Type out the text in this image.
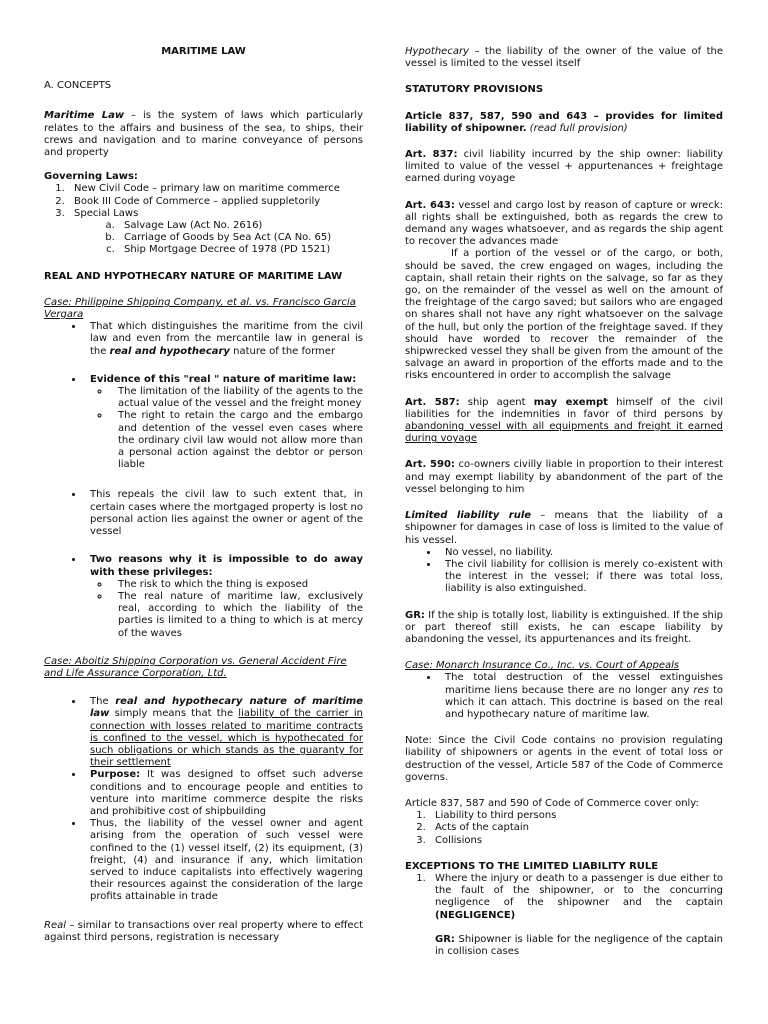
MARITIME LAW

A. CONCEPTS

Maritime Law – is the system of laws which particularly relates to the affairs and business of the sea, to ships, their crews and navigation and to marine conveyance of persons and property

Governing Laws:

1. New Civil Code – primary law on maritime commerce
2. Book III Code of Commerce – applied suppletorily
3. Special Laws
a. Salvage Law (Act No. 2616)
b. Carriage of Goods by Sea Act (CA No. 65)
c. Ship Mortgage Decree of 1978 (PD 1521)

REAL AND HYPOTHECARY NATURE OF MARITIME LAW

Case: Philippine Shipping Company, et al. vs. Francisco Garcia Vergara

• That which distinguishes the maritime from the civil law and even from the mercantile law in general is the real and hypothecary nature of the former
• Evidence of this "real " nature of maritime law:
◦ The limitation of the liability of the agents to the actual value of the vessel and the freight money
◦ The right to retain the cargo and the embargo and detention of the vessel even cases where the ordinary civil law would not allow more than a personal action against the debtor or person liable
• This repeals the civil law to such extent that, in certain cases where the mortgaged property is lost no personal action lies against the owner or agent of the vessel
• Two reasons why it is impossible to do away with these privileges:
◦ The risk to which the thing is exposed
◦ The real nature of maritime law, exclusively real, according to which the liability of the parties is limited to a thing to which is at mercy of the waves

Case: Aboitiz Shipping Corporation vs. General Accident Fire and Life Assurance Corporation, Ltd.

• The real and hypothecary nature of maritime law simply means that the liability of the carrier in connection with losses related to maritime contracts is confined to the vessel, which is hypothecated for such obligations or which stands as the guaranty for their settlement
• Purpose: It was designed to offset such adverse conditions and to encourage people and entities to venture into maritime commerce despite the risks and prohibitive cost of shipbuilding
• Thus, the liability of the vessel owner and agent arising from the operation of such vessel were confined to the (1) vessel itself, (2) its equipment, (3) freight, (4) and insurance if any, which limitation served to induce capitalists into effectively wagering their resources against the consideration of the large profits attainable in trade

Real – similar to transactions over real property where to effect against third persons, registration is necessary

Hypothecary – the liability of the owner of the value of the vessel is limited to the vessel itself

STATUTORY PROVISIONS

Article 837, 587, 590 and 643 – provides for limited liability of shipowner. (read full provision)

Art. 837: civil liability incurred by the ship owner: liability limited to value of the vessel + appurtenances + freightage earned during voyage

Art. 643: vessel and cargo lost by reason of capture or wreck: all rights shall be extinguished, both as regards the crew to demand any wages whatsoever, and as regards the ship agent to recover the advances made

If a portion of the vessel or of the cargo, or both, should be saved, the crew engaged on wages, including the captain, shall retain their rights on the salvage, so far as they go, on the remainder of the vessel as well on the amount of the freightage of the cargo saved; but sailors who are engaged on shares shall not have any right whatsoever on the salvage of the hull, but only the portion of the freightage saved. If they should have worded to recover the remainder of the shipwrecked vessel they shall be given from the amount of the salvage an award in proportion of the efforts made and to the risks encountered in order to accomplish the salvage

Art. 587: ship agent may exempt himself of the civil liabilities for the indemnities in favor of third persons by abandoning vessel with all equipments and freight it earned during voyage

Art. 590: co-owners civilly liable in proportion to their interest and may exempt liability by abandonment of the part of the vessel belonging to him

Limited liability rule – means that the liability of a shipowner for damages in case of loss is limited to the value of his vessel.

• No vessel, no liability.
• The civil liability for collision is merely co-existent with the interest in the vessel; if there was total loss, liability is also extinguished.

GR: If the ship is totally lost, liability is extinguished. If the ship or part thereof still exists, he can escape liability by abandoning the vessel, its appurtenances and its freight.

Case: Monarch Insurance Co., Inc. vs. Court of Appeals

• The total destruction of the vessel extinguishes maritime liens because there are no longer any res to which it can attach. This doctrine is based on the real and hypothecary nature of maritime law.

Note: Since the Civil Code contains no provision regulating liability of shipowners or agents in the event of total loss or destruction of the vessel, Article 587 of the Code of Commerce governs.

Article 837, 587 and 590 of Code of Commerce cover only:

1. Liability to third persons
2. Acts of the captain
3. Collisions

EXCEPTIONS TO THE LIMITED LIABILITY RULE

1. Where the injury or death to a passenger is due either to the fault of the shipowner, or to the concurring negligence of the shipowner and the captain (NEGLIGENCE)

GR: Shipowner is liable for the negligence of the captain in collision cases
